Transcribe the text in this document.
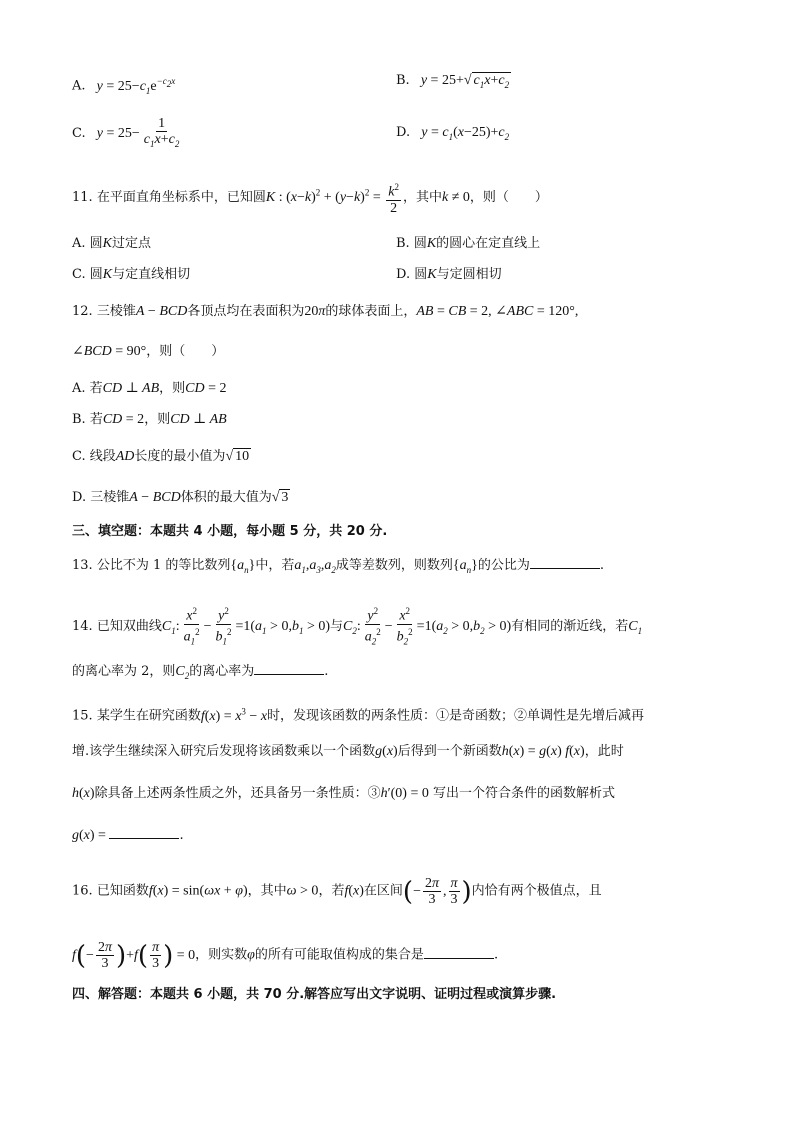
A.   $y = 25-c_1e^{-c_2x}$	B.   y = 25+√ $c_1x+c_2$
C.   $y = 25- \frac{1}{c_1x+c_2}$	D.   $y = c_1(x-25)+c_2$
11. 在平面直角坐标系中，已知圆K : $(x-k)^2 + (y-k)^2 = \frac{k^2}{2}$ ，其中k ≠ 0，则（　　）
A. 圆K过定点	B. 圆K的圆心在定直线上
C. 圆K与定直线相切	D. 圆K与定圆相切
12. 三棱锥A − BCD各顶点均在表面积为20π的球体表面上，AB = CB = 2, ∠ABC = 120°,
∠BCD = 90°，则（　　）
A. 若CD ⊥ AB，则CD = 2
B. 若CD = 2，则CD ⊥ AB
C. 线段AD长度的最小值为√ 10
D. 三棱锥A − BCD体积的最大值为√ 3
三、填空题：本题共 4 小题，每小题 5 分，共 20 分.
13. 公比不为 1 的等比数列$\{a_n\}$中，若$a_1,a_3,a_2$成等差数列，则数列$\{a_n\}$的公比为	.
14. 已知双曲线$C_1$: $\frac{x^2}{a_1^2} - \frac{y^2}{b_1^2} =1(a_1 > 0,b_1 > 0)$与$C_2$: $\frac{y^2}{a_2^2} - \frac{x^2}{b_2^2} =1(a_2 > 0,b_2 > 0)$有相同的渐近线，若$C_1$
的离心率为 2，则$C_2$的离心率为	.
15. 某学生在研究函数$f(x) = x^3 - x$时，发现该函数的两条性质：①是奇函数；②单调性是先增后减再
增.该学生继续深入研究后发现将该函数乘以一个函数g(x)后得到一个新函数h(x) = g(x) f(x)，此时
h(x)除具备上述两条性质之外，还具备另一条性质：③h′(0) = 0 写出一个符合条件的函数解析式
g(x) =	.
16. 已知函数f(x) = sin(ωx + φ)，其中ω > 0，若f(x)在区间(− $\frac{2\pi}{3}$ , $\frac{\pi}{3}$ )内恰有两个极值点，且
$f(- \frac{2\pi}{3} )+f( \frac{\pi}{3}$ ) = 0，则实数φ的所有可能取值构成的集合是	.
四、解答题：本题共 6 小题，共 70 分.解答应写出文字说明、证明过程或演算步骤.
